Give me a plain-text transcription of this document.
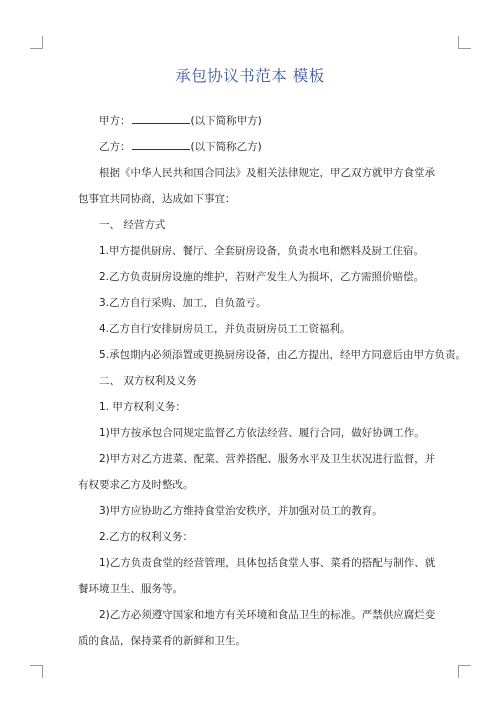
承包协议书范本 模板

甲方：	(以下简称甲方)

乙方：	(以下简称乙方)

根据《中华人民共和国合同法》及相关法律规定，甲乙双方就甲方食堂承包事宜共同协商，达成如下事宜：

一、 经营方式

1.甲方提供厨房、餐厅、全套厨房设备，负责水电和燃料及厨工住宿。

2.乙方负责厨房设施的维护，若财产发生人为损坏，乙方需照价赔偿。

3.乙方自行采购、加工，自负盈亏。

4.乙方自行安排厨房员工，并负责厨房员工工资福利。

5.承包期内必须添置或更换厨房设备，由乙方提出，经甲方同意后由甲方负责。

二、 双方权利及义务

1. 甲方权利义务：

1)甲方按承包合同规定监督乙方依法经营、履行合同，做好协调工作。

2)甲方对乙方进菜、配菜、营养搭配、服务水平及卫生状况进行监督，并有权要求乙方及时整改。

3)甲方应协助乙方维持食堂治安秩序，并加强对员工的教育。

2.乙方的权利义务：

1)乙方负责食堂的经营管理，具体包括食堂人事、菜肴的搭配与制作、就餐环境卫生、服务等。

2)乙方必须遵守国家和地方有关环境和食品卫生的标准。严禁供应腐烂变质的食品，保持菜肴的新鲜和卫生。
